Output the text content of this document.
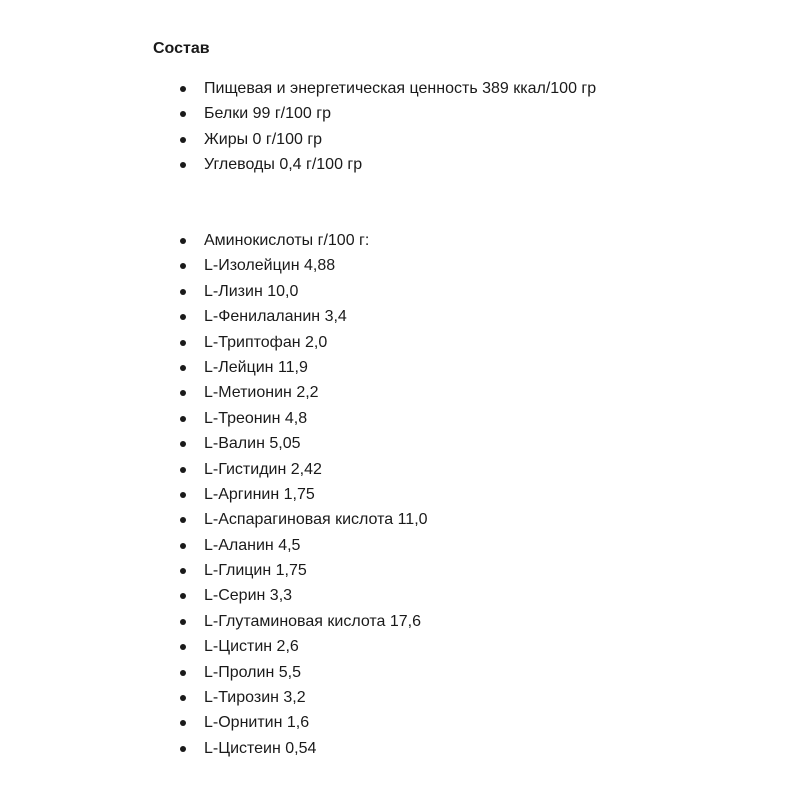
Состав
Пищевая и энергетическая ценность 389 ккал/100 гр
Белки 99 г/100 гр
Жиры 0 г/100 гр
Углеводы 0,4 г/100 гр
Аминокислоты г/100 г:
L-Изолейцин 4,88
L-Лизин 10,0
L-Фенилаланин 3,4
L-Триптофан 2,0
L-Лейцин 11,9
L-Метионин 2,2
L-Треонин 4,8
L-Валин 5,05
L-Гистидин 2,42
L-Аргинин 1,75
L-Аспарагиновая кислота 11,0
L-Аланин 4,5
L-Глицин 1,75
L-Серин 3,3
L-Глутаминовая кислота 17,6
L-Цистин 2,6
L-Пролин 5,5
L-Тирозин 3,2
L-Орнитин 1,6
L-Цистеин 0,54
